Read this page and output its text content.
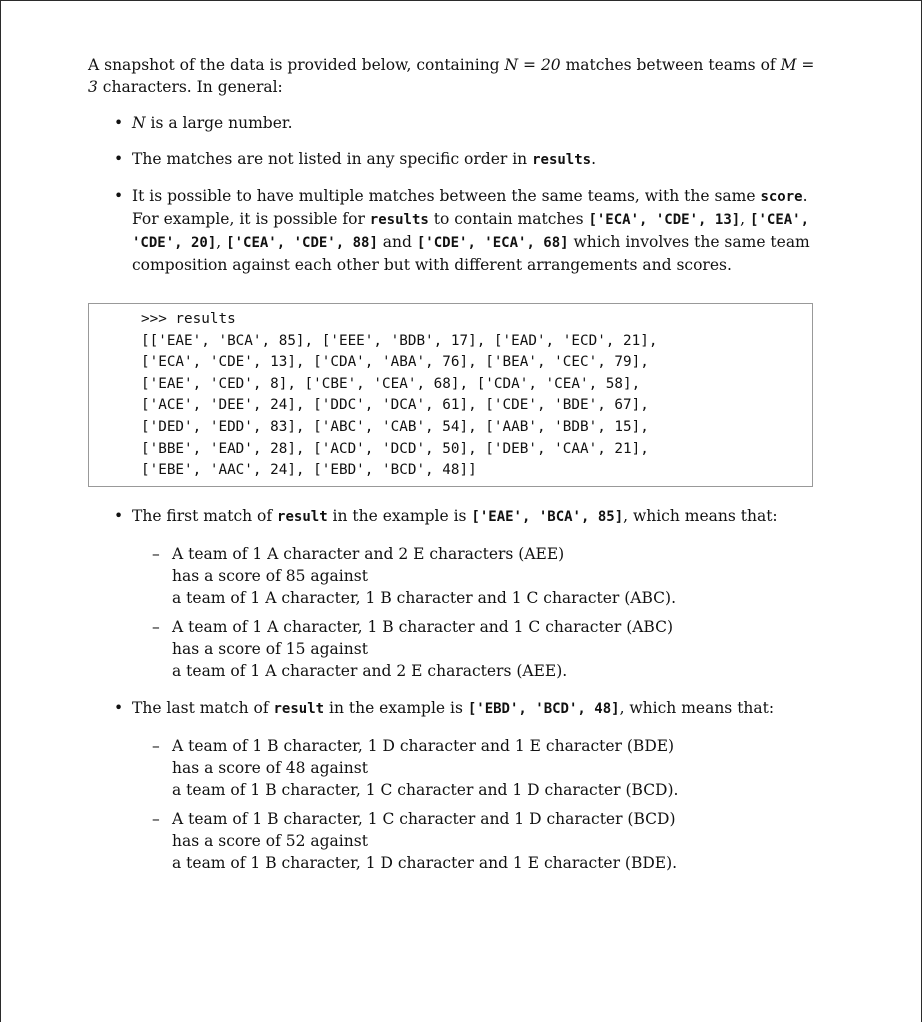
A snapshot of the data is provided below, containing N = 20 matches between teams of M = 3 characters. In general:

• N is a large number.
• The matches are not listed in any specific order in results.
• It is possible to have multiple matches between the same teams, with the same score. For example, it is possible for results to contain matches ['ECA', 'CDE', 13], ['CEA', 'CDE', 20], ['CEA', 'CDE', 88] and ['CDE', 'ECA', 68] which involves the same team composition against each other but with different arrangements and scores.
>>> results
[['EAE', 'BCA', 85], ['EEE', 'BDB', 17], ['EAD', 'ECD', 21],
['ECA', 'CDE', 13], ['CDA', 'ABA', 76], ['BEA', 'CEC', 79],
['EAE', 'CED', 8], ['CBE', 'CEA', 68], ['CDA', 'CEA', 58],
['ACE', 'DEE', 24], ['DDC', 'DCA', 61], ['CDE', 'BDE', 67],
['DED', 'EDD', 83], ['ABC', 'CAB', 54], ['AAB', 'BDB', 15],
['BBE', 'EAD', 28], ['ACD', 'DCD', 50], ['DEB', 'CAA', 21],
['EBE', 'AAC', 24], ['EBD', 'BCD', 48]]
• The first match of result in the example is ['EAE', 'BCA', 85], which means that:
– A team of 1 A character and 2 E characters (AEE)
has a score of 85 against
a team of 1 A character, 1 B character and 1 C character (ABC).
– A team of 1 A character, 1 B character and 1 C character (ABC)
has a score of 15 against
a team of 1 A character and 2 E characters (AEE).
• The last match of result in the example is ['EBD', 'BCD', 48], which means that:
– A team of 1 B character, 1 D character and 1 E character (BDE)
has a score of 48 against
a team of 1 B character, 1 C character and 1 D character (BCD).
– A team of 1 B character, 1 C character and 1 D character (BCD)
has a score of 52 against
a team of 1 B character, 1 D character and 1 E character (BDE).
